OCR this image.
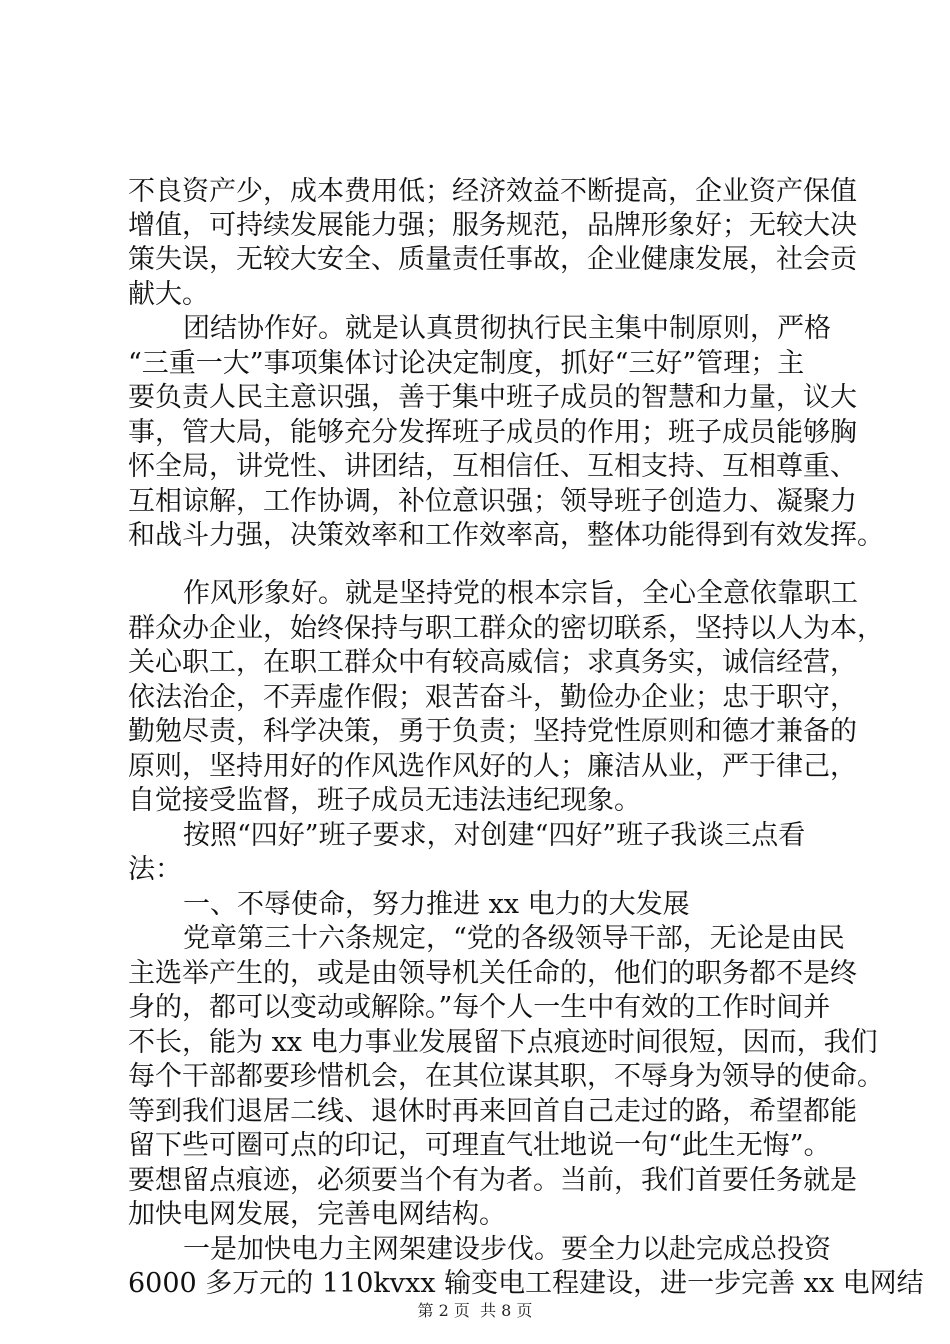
不良资产少，成本费用低；经济效益不断提高，企业资产保值
增值，可持续发展能力强；服务规范，品牌形象好；无较大决
策失误，无较大安全、质量责任事故，企业健康发展，社会贡
献大。
团结协作好。就是认真贯彻执行民主集中制原则，严格
“三重一大”事项集体讨论决定制度，抓好“三好”管理；主
要负责人民主意识强，善于集中班子成员的智慧和力量，议大
事，管大局，能够充分发挥班子成员的作用；班子成员能够胸
怀全局，讲党性、讲团结，互相信任、互相支持、互相尊重、
互相谅解，工作协调，补位意识强；领导班子创造力、凝聚力
和战斗力强，决策效率和工作效率高，整体功能得到有效发挥。
作风形象好。就是坚持党的根本宗旨，全心全意依靠职工
群众办企业，始终保持与职工群众的密切联系，坚持以人为本，
关心职工，在职工群众中有较高威信；求真务实，诚信经营，
依法治企，不弄虚作假；艰苦奋斗，勤俭办企业；忠于职守，
勤勉尽责，科学决策，勇于负责；坚持党性原则和德才兼备的
原则，坚持用好的作风选作风好的人；廉洁从业，严于律己，
自觉接受监督，班子成员无违法违纪现象。
按照“四好”班子要求，对创建“四好”班子我谈三点看
法：
一、不辱使命，努力推进 xx 电力的大发展
党章第三十六条规定，“党的各级领导干部，无论是由民
主选举产生的，或是由领导机关任命的，他们的职务都不是终
身的，都可以变动或解除。”每个人一生中有效的工作时间并
不长，能为 xx 电力事业发展留下点痕迹时间很短，因而，我们
每个干部都要珍惜机会，在其位谋其职，不辱身为领导的使命。
等到我们退居二线、退休时再来回首自己走过的路，希望都能
留下些可圈可点的印记，可理直气壮地说一句“此生无悔”。
要想留点痕迹，必须要当个有为者。当前，我们首要任务就是
加快电网发展，完善电网结构。
一是加快电力主网架建设步伐。要全力以赴完成总投资
6000 多万元的 110kvxx 输变电工程建设，进一步完善 xx 电网结
第 2 页  共 8 页
